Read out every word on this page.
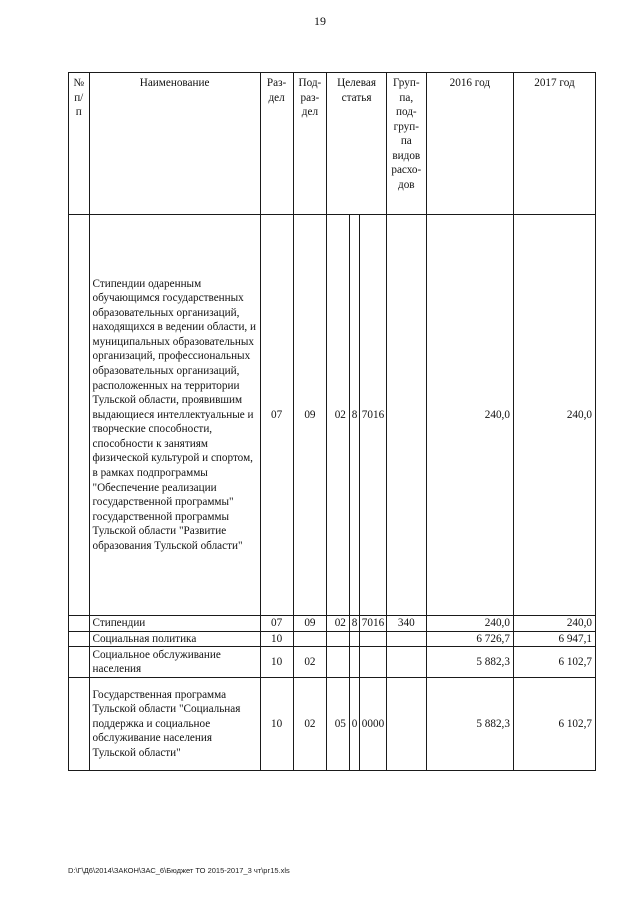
19
№ п/п	Наименование	Раз- дел	Под- раз- дел	Целевая статья			Груп- па, под- груп- па видов расхо- дов	2016 год	2017 год

	Стипендии одаренным обучающимся государственных образовательных организаций, находящихся в ведении области, и муниципальных образовательных организаций, профессиональных образовательных организаций, расположенных на территории Тульской области, проявившим выдающиеся интеллектуальные и творческие способности, способности к занятиям физической культурой и спортом, в рамках подпрограммы "Обеспечение реализации государственной программы" государственной программы Тульской области "Развитие образования Тульской области"	07	09	02	8	7016		240,0	240,0
	Стипендии	07	09	02	8	7016	340	240,0	240,0
	Социальная политика	10						6 726,7	6 947,1
	Социальное обслуживание населения	10	02					5 882,3	6 102,7
	Государственная программа Тульской области "Социальная поддержка и социальное обслуживание населения Тульской области"	10	02	05	0	0000		5 882,3	6 102,7
D:\Г\Д6\2014\ЗАКОН\ЗАС_6\Бюджет ТО 2015-2017_3 чт\рг15.xls
